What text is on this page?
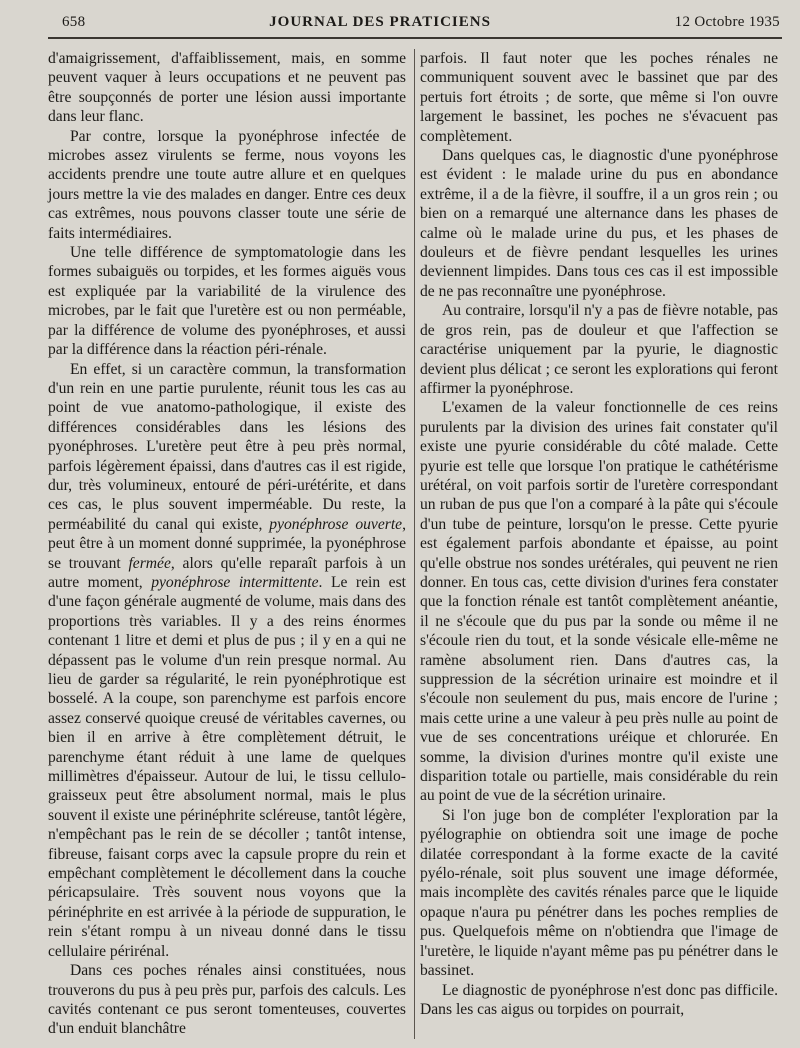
658	JOURNAL DES PRATICIENS	12 Octobre 1935

d'amaigrissement, d'affaiblissement, mais, en somme peuvent vaquer à leurs occupations et ne peuvent pas être soupçonnés de porter une lésion aussi importante dans leur flanc.

Par contre, lorsque la pyonéphrose infectée de microbes assez virulents se ferme, nous voyons les accidents prendre une toute autre allure et en quelques jours mettre la vie des malades en danger. Entre ces deux cas extrêmes, nous pouvons classer toute une série de faits intermédiaires.

Une telle différence de symptomatologie dans les formes subaiguës ou torpides, et les formes aiguës vous est expliquée par la variabilité de la virulence des microbes, par le fait que l'uretère est ou non perméable, par la différence de volume des pyonéphroses, et aussi par la différence dans la réaction péri-rénale.

En effet, si un caractère commun, la transformation d'un rein en une partie purulente, réunit tous les cas au point de vue anatomo-pathologique, il existe des différences considérables dans les lésions des pyonéphroses. L'uretère peut être à peu près normal, parfois légèrement épaissi, dans d'autres cas il est rigide, dur, très volumineux, entouré de péri-urétérite, et dans ces cas, le plus souvent imperméable. Du reste, la perméabilité du canal qui existe, pyonéphrose ouverte, peut être à un moment donné supprimée, la pyonéphrose se trouvant fermée, alors qu'elle reparaît parfois à un autre moment, pyonéphrose intermittente. Le rein est d'une façon générale augmenté de volume, mais dans des proportions très variables. Il y a des reins énormes contenant 1 litre et demi et plus de pus ; il y en a qui ne dépassent pas le volume d'un rein presque normal. Au lieu de garder sa régularité, le rein pyonéphrotique est bosselé. A la coupe, son parenchyme est parfois encore assez conservé quoique creusé de véritables cavernes, ou bien il en arrive à être complètement détruit, le parenchyme étant réduit à une lame de quelques millimètres d'épaisseur. Autour de lui, le tissu cellulo-graisseux peut être absolument normal, mais le plus souvent il existe une périnéphrite scléreuse, tantôt légère, n'empêchant pas le rein de se décoller ; tantôt intense, fibreuse, faisant corps avec la capsule propre du rein et empêchant complètement le décollement dans la couche péricapsulaire. Très souvent nous voyons que la périnéphrite en est arrivée à la période de suppuration, le rein s'étant rompu à un niveau donné dans le tissu cellulaire périrénal.

Dans ces poches rénales ainsi constituées, nous trouverons du pus à peu près pur, parfois des calculs. Les cavités contenant ce pus seront tomenteuses, couvertes d'un enduit blanchâtre

parfois. Il faut noter que les poches rénales ne communiquent souvent avec le bassinet que par des pertuis fort étroits ; de sorte, que même si l'on ouvre largement le bassinet, les poches ne s'évacuent pas complètement.

Dans quelques cas, le diagnostic d'une pyonéphrose est évident : le malade urine du pus en abondance extrême, il a de la fièvre, il souffre, il a un gros rein ; ou bien on a remarqué une alternance dans les phases de calme où le malade urine du pus, et les phases de douleurs et de fièvre pendant lesquelles les urines deviennent limpides. Dans tous ces cas il est impossible de ne pas reconnaître une pyonéphrose.

Au contraire, lorsqu'il n'y a pas de fièvre notable, pas de gros rein, pas de douleur et que l'affection se caractérise uniquement par la pyurie, le diagnostic devient plus délicat ; ce seront les explorations qui feront affirmer la pyonéphrose.

L'examen de la valeur fonctionnelle de ces reins purulents par la division des urines fait constater qu'il existe une pyurie considérable du côté malade. Cette pyurie est telle que lorsque l'on pratique le cathétérisme urétéral, on voit parfois sortir de l'uretère correspondant un ruban de pus que l'on a comparé à la pâte qui s'écoule d'un tube de peinture, lorsqu'on le presse. Cette pyurie est également parfois abondante et épaisse, au point qu'elle obstrue nos sondes urétérales, qui peuvent ne rien donner. En tous cas, cette division d'urines fera constater que la fonction rénale est tantôt complètement anéantie, il ne s'écoule que du pus par la sonde ou même il ne s'écoule rien du tout, et la sonde vésicale elle-même ne ramène absolument rien. Dans d'autres cas, la suppression de la sécrétion urinaire est moindre et il s'écoule non seulement du pus, mais encore de l'urine ; mais cette urine a une valeur à peu près nulle au point de vue de ses concentrations uréique et chlorurée. En somme, la division d'urines montre qu'il existe une disparition totale ou partielle, mais considérable du rein au point de vue de la sécrétion urinaire.

Si l'on juge bon de compléter l'exploration par la pyélographie on obtiendra soit une image de poche dilatée correspondant à la forme exacte de la cavité pyélo-rénale, soit plus souvent une image déformée, mais incomplète des cavités rénales parce que le liquide opaque n'aura pu pénétrer dans les poches remplies de pus. Quelquefois même on n'obtiendra que l'image de l'uretère, le liquide n'ayant même pas pu pénétrer dans le bassinet.

Le diagnostic de pyonéphrose n'est donc pas difficile. Dans les cas aigus ou torpides on pourrait,
